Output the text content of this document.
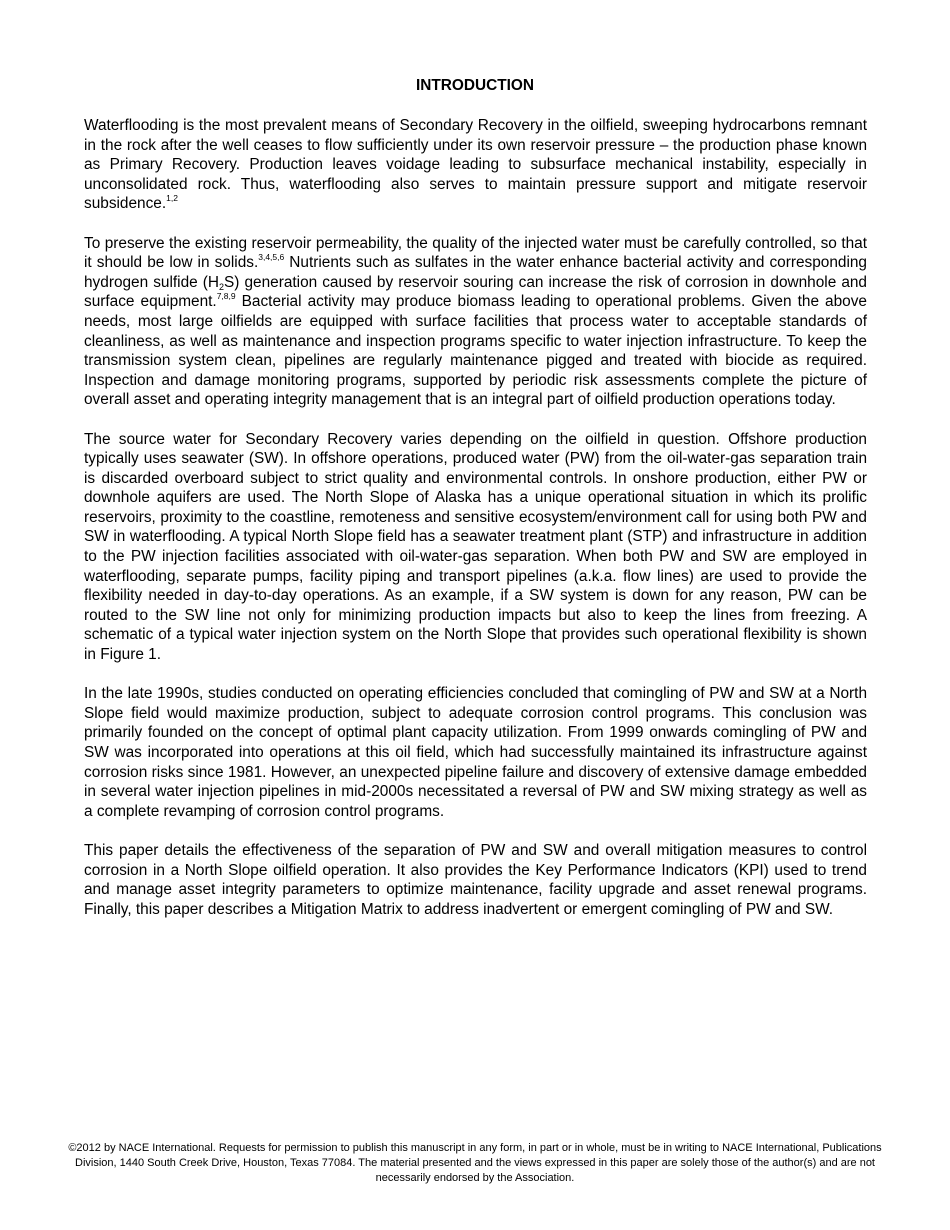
INTRODUCTION

Waterflooding is the most prevalent means of Secondary Recovery in the oilfield, sweeping hydrocarbons remnant in the rock after the well ceases to flow sufficiently under its own reservoir pressure – the production phase known as Primary Recovery. Production leaves voidage leading to subsurface mechanical instability, especially in unconsolidated rock. Thus, waterflooding also serves to maintain pressure support and mitigate reservoir subsidence.$^{1,2}$

To preserve the existing reservoir permeability, the quality of the injected water must be carefully controlled, so that it should be low in solids.$^{3,4,5,6}$ Nutrients such as sulfates in the water enhance bacterial activity and corresponding hydrogen sulfide $(H_2S)$ generation caused by reservoir souring can increase the risk of corrosion in downhole and surface equipment.$^{7,8,9}$ Bacterial activity may produce biomass leading to operational problems. Given the above needs, most large oilfields are equipped with surface facilities that process water to acceptable standards of cleanliness, as well as maintenance and inspection programs specific to water injection infrastructure. To keep the transmission system clean, pipelines are regularly maintenance pigged and treated with biocide as required. Inspection and damage monitoring programs, supported by periodic risk assessments complete the picture of overall asset and operating integrity management that is an integral part of oilfield production operations today.

The source water for Secondary Recovery varies depending on the oilfield in question. Offshore production typically uses seawater (SW). In offshore operations, produced water (PW) from the oil-water-gas separation train is discarded overboard subject to strict quality and environmental controls. In onshore production, either PW or downhole aquifers are used. The North Slope of Alaska has a unique operational situation in which its prolific reservoirs, proximity to the coastline, remoteness and sensitive ecosystem/environment call for using both PW and SW in waterflooding. A typical North Slope field has a seawater treatment plant (STP) and infrastructure in addition to the PW injection facilities associated with oil-water-gas separation. When both PW and SW are employed in waterflooding, separate pumps, facility piping and transport pipelines (a.k.a. flow lines) are used to provide the flexibility needed in day-to-day operations. As an example, if a SW system is down for any reason, PW can be routed to the SW line not only for minimizing production impacts but also to keep the lines from freezing. A schematic of a typical water injection system on the North Slope that provides such operational flexibility is shown in Figure 1.

In the late 1990s, studies conducted on operating efficiencies concluded that comingling of PW and SW at a North Slope field would maximize production, subject to adequate corrosion control programs. This conclusion was primarily founded on the concept of optimal plant capacity utilization. From 1999 onwards comingling of PW and SW was incorporated into operations at this oil field, which had successfully maintained its infrastructure against corrosion risks since 1981. However, an unexpected pipeline failure and discovery of extensive damage embedded in several water injection pipelines in mid-2000s necessitated a reversal of PW and SW mixing strategy as well as a complete revamping of corrosion control programs.

This paper details the effectiveness of the separation of PW and SW and overall mitigation measures to control corrosion in a North Slope oilfield operation. It also provides the Key Performance Indicators (KPI) used to trend and manage asset integrity parameters to optimize maintenance, facility upgrade and asset renewal programs. Finally, this paper describes a Mitigation Matrix to address inadvertent or emergent comingling of PW and SW.

©2012 by NACE International. Requests for permission to publish this manuscript in any form, in part or in whole, must be in writing to NACE International, Publications Division, 1440 South Creek Drive, Houston, Texas 77084. The material presented and the views expressed in this paper are solely those of the author(s) and are not necessarily endorsed by the Association.
